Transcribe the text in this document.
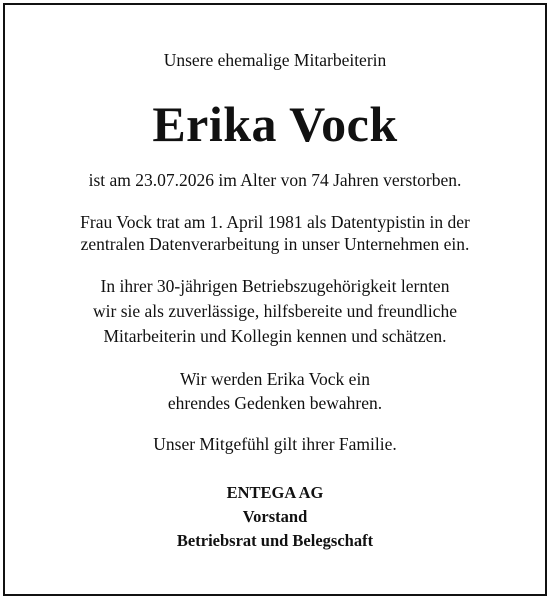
Unsere ehemalige Mitarbeiterin
Erika Vock
ist am 23.07.2026 im Alter von 74 Jahren verstorben.
Frau Vock trat am 1. April 1981 als Datentypistin in der
zentralen Datenverarbeitung in unser Unternehmen ein.
In ihrer 30-jährigen Betriebszugehörigkeit lernten
wir sie als zuverlässige, hilfsbereite und freundliche
Mitarbeiterin und Kollegin kennen und schätzen.
Wir werden Erika Vock ein
ehrendes Gedenken bewahren.
Unser Mitgefühl gilt ihrer Familie.
ENTEGA AG
Vorstand
Betriebsrat und Belegschaft
